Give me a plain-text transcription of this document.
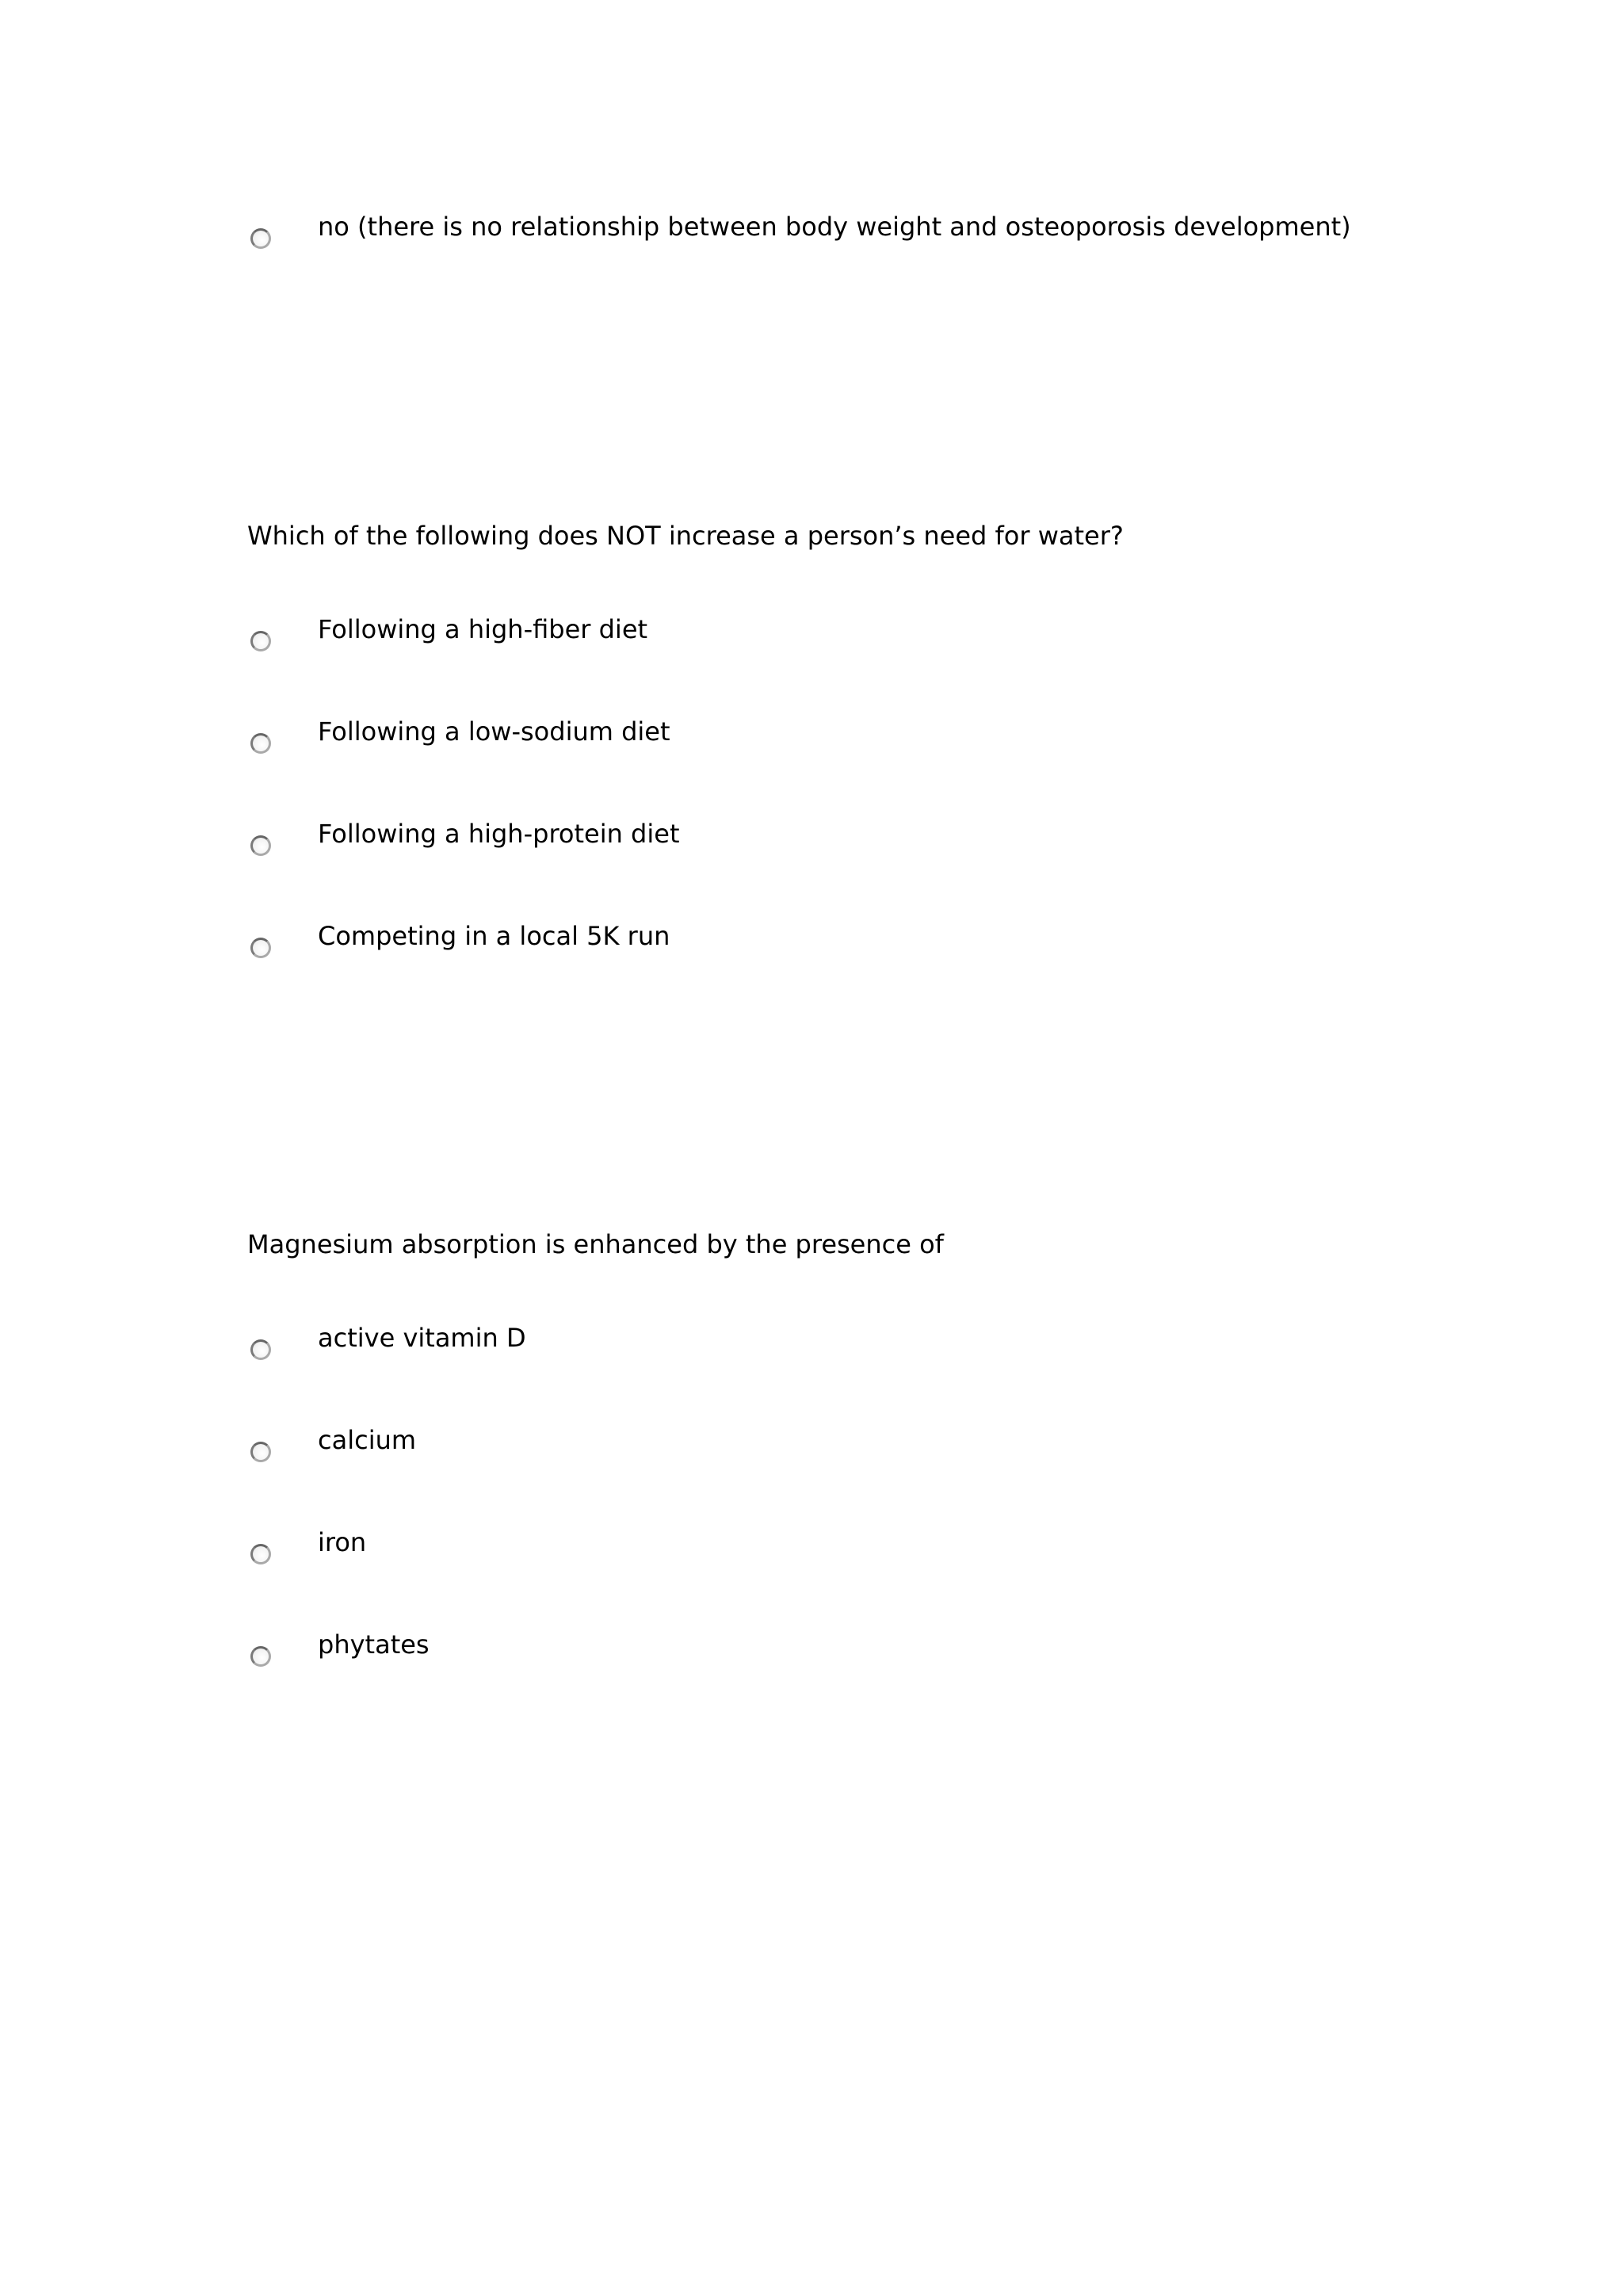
no (there is no relationship between body weight and osteoporosis development)
Which of the following does NOT increase a person’s need for water?
Following a high-fiber diet
Following a low-sodium diet
Following a high-protein diet
Competing in a local 5K run
Magnesium absorption is enhanced by the presence of
active vitamin D
calcium
iron
phytates
